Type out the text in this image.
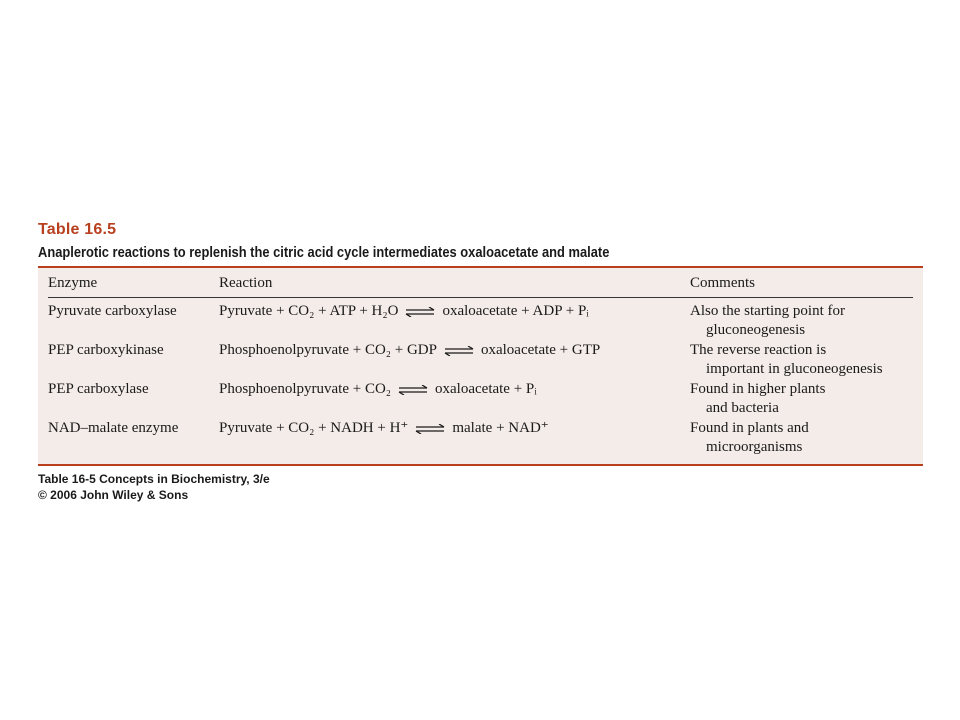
Table 16.5
Anaplerotic reactions to replenish the citric acid cycle intermediates oxaloacetate and malate
Enzyme	Reaction	Comments
Pyruvate carboxylase	Pyruvate + CO₂ + ATP + H₂O ⇌ oxaloacetate + ADP + Pᵢ	Also the starting point for
gluconeogenesis
PEP carboxykinase	Phosphoenolpyruvate + CO₂ + GDP ⇌ oxaloacetate + GTP	The reverse reaction is
important in gluconeogenesis
PEP carboxylase	Phosphoenolpyruvate + CO₂ ⇌ oxaloacetate + Pᵢ	Found in higher plants
and bacteria
NAD–malate enzyme	Pyruvate + CO₂ + NADH + H⁺ ⇌ malate + NAD⁺	Found in plants and
microorganisms
Table 16-5 Concepts in Biochemistry, 3/e
© 2006 John Wiley & Sons
